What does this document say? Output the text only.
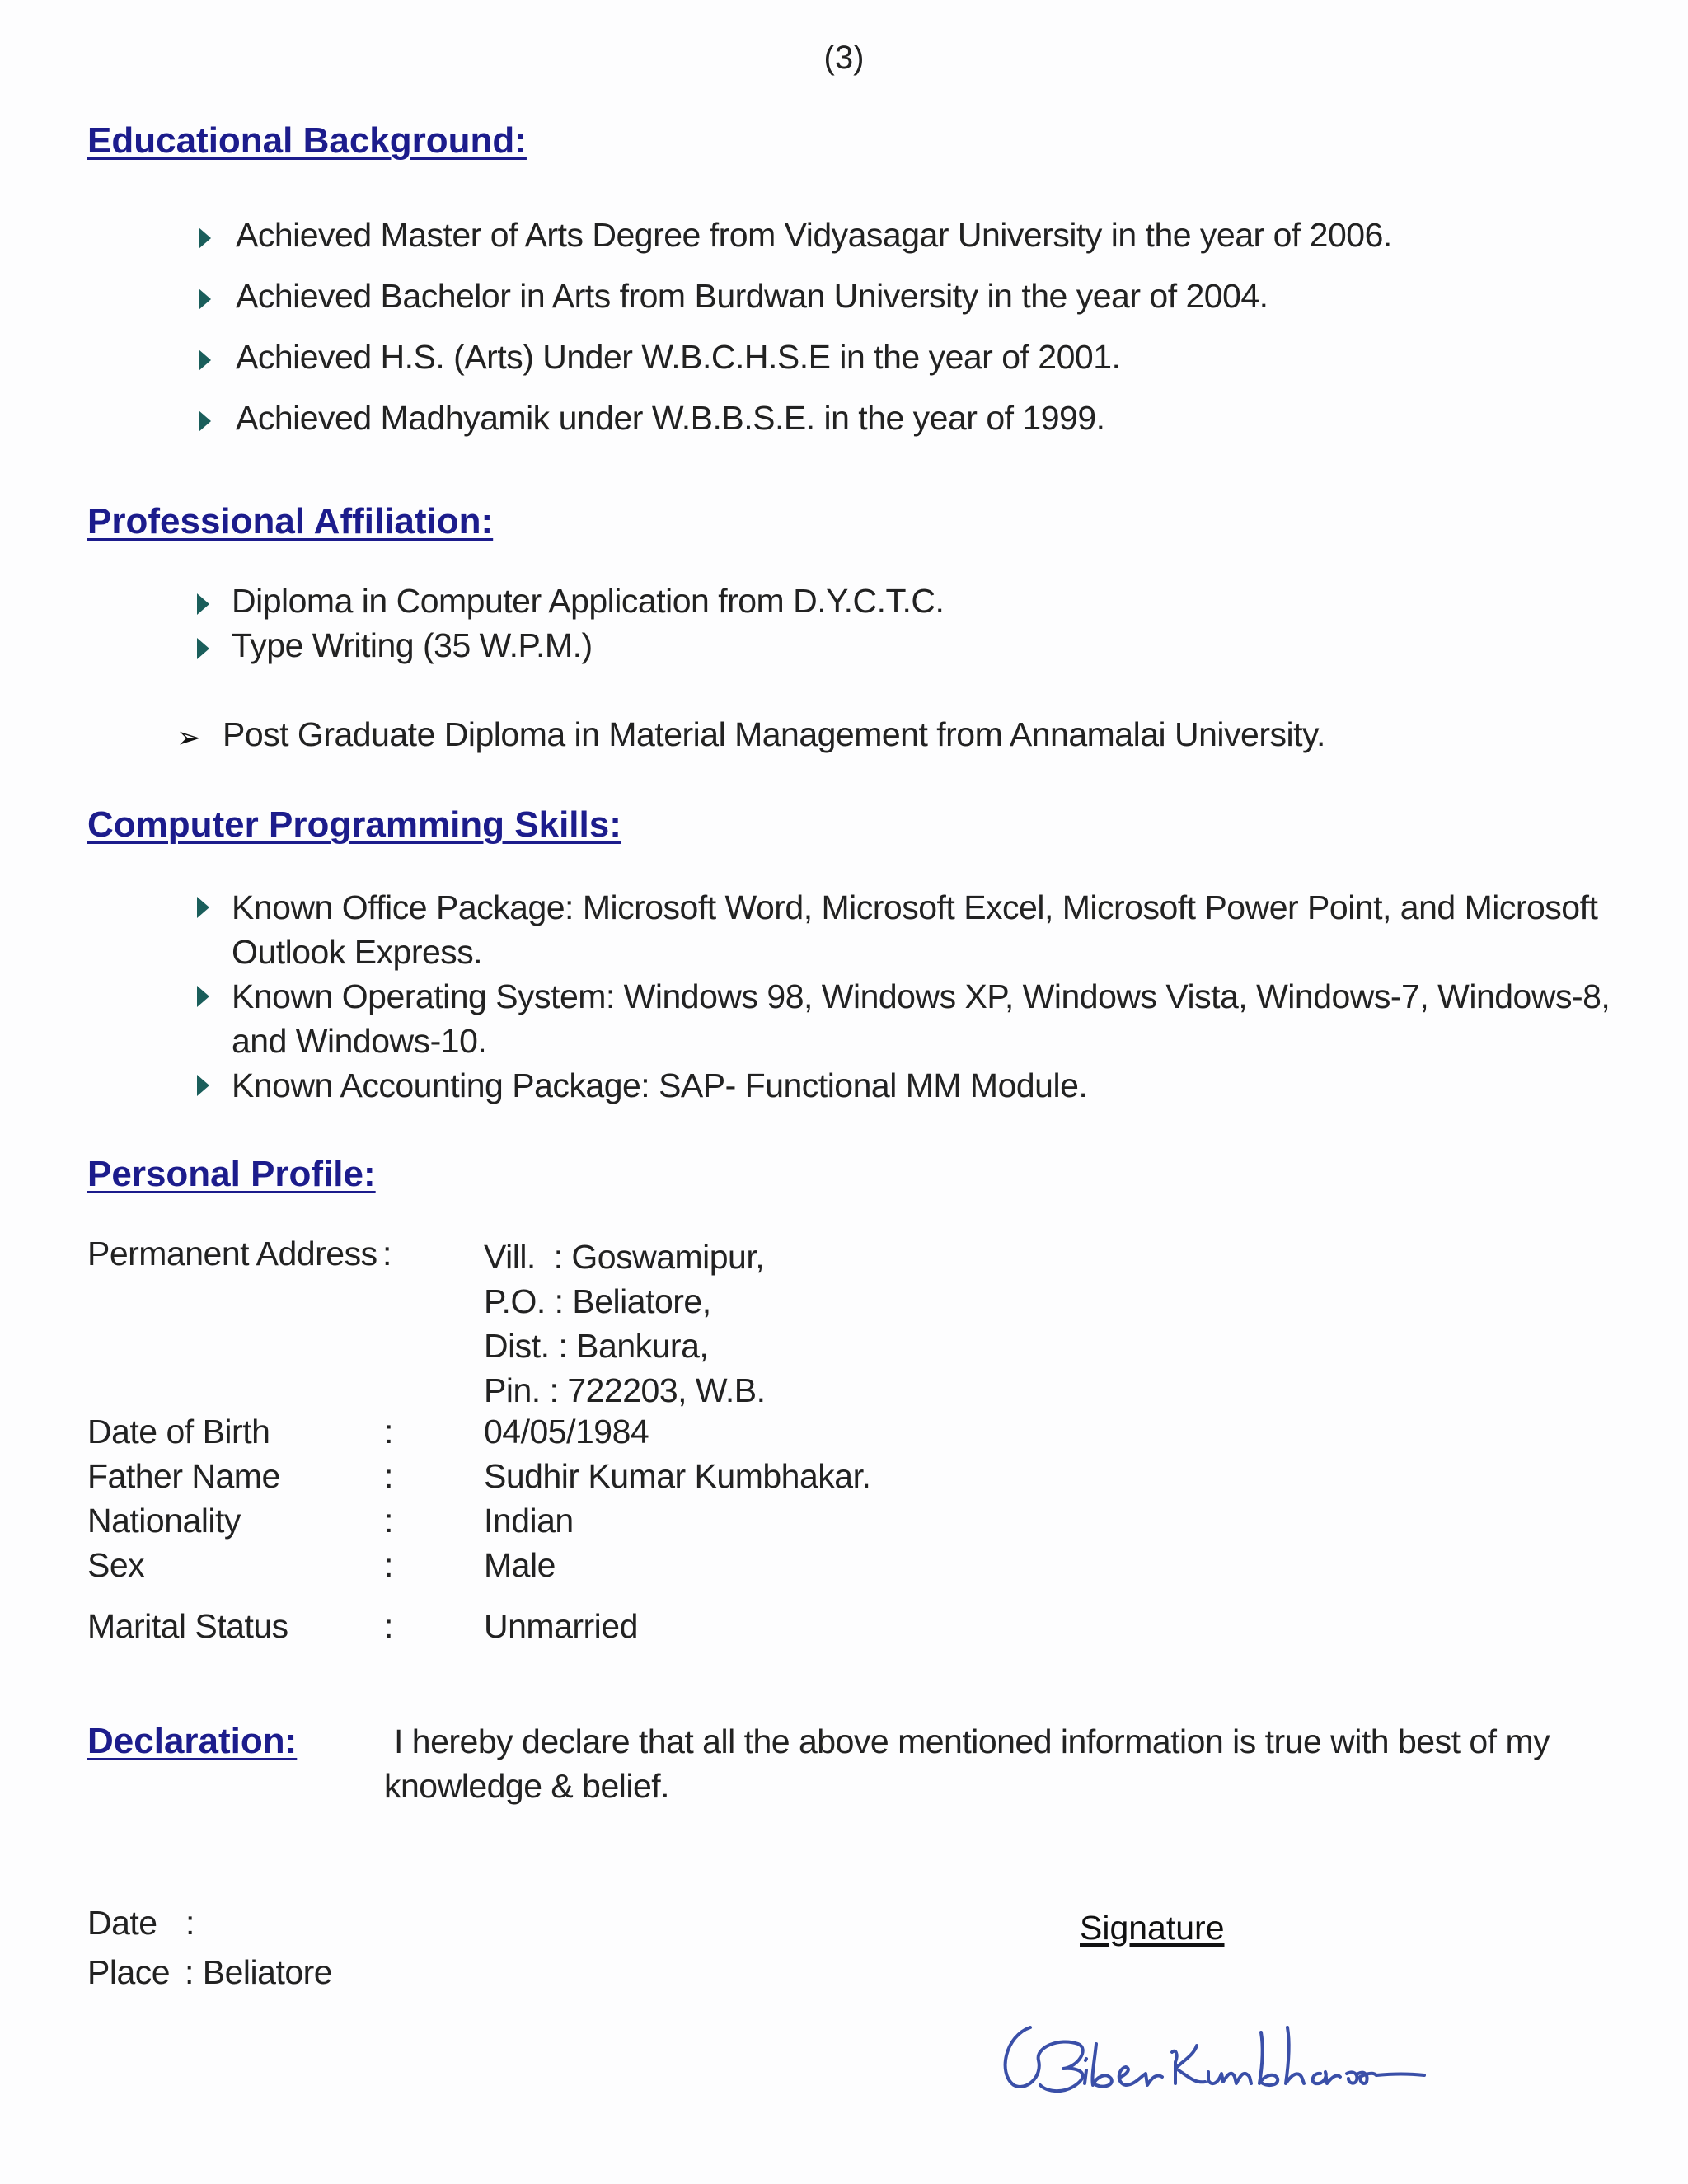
(3)
Educational Background:
Achieved Master of Arts Degree from Vidyasagar University in the year of 2006.
Achieved Bachelor in Arts from Burdwan University in the year of 2004.
Achieved H.S. (Arts) Under W.B.C.H.S.E in the year of 2001.
Achieved Madhyamik under W.B.B.S.E. in the year of 1999.
Professional Affiliation:
Diploma in Computer Application from D.Y.C.T.C.
Type Writing (35 W.P.M.)
➢ Post Graduate Diploma in Material Management from Annamalai University.
Computer Programming Skills:
Known Office Package: Microsoft Word, Microsoft Excel, Microsoft Power Point, and Microsoft
Outlook Express.
Known Operating System: Windows 98, Windows XP, Windows Vista, Windows-7, Windows-8,
and Windows-10.
Known Accounting Package: SAP- Functional MM Module.
Personal Profile:
Permanent Address :	Vill.  : Goswamipur,
P.O. : Beliatore,
Dist. : Bankura,
Pin. : 722203, W.B.
Date of Birth	:	04/05/1984
Father Name	:	Sudhir Kumar Kumbhakar.
Nationality	:	Indian
Sex	:	Male
Marital Status	:	Unmarried
Declaration:	I hereby declare that all the above mentioned information is true with best of my knowledge & belief.
Date :
Place : Beliatore
Signature
